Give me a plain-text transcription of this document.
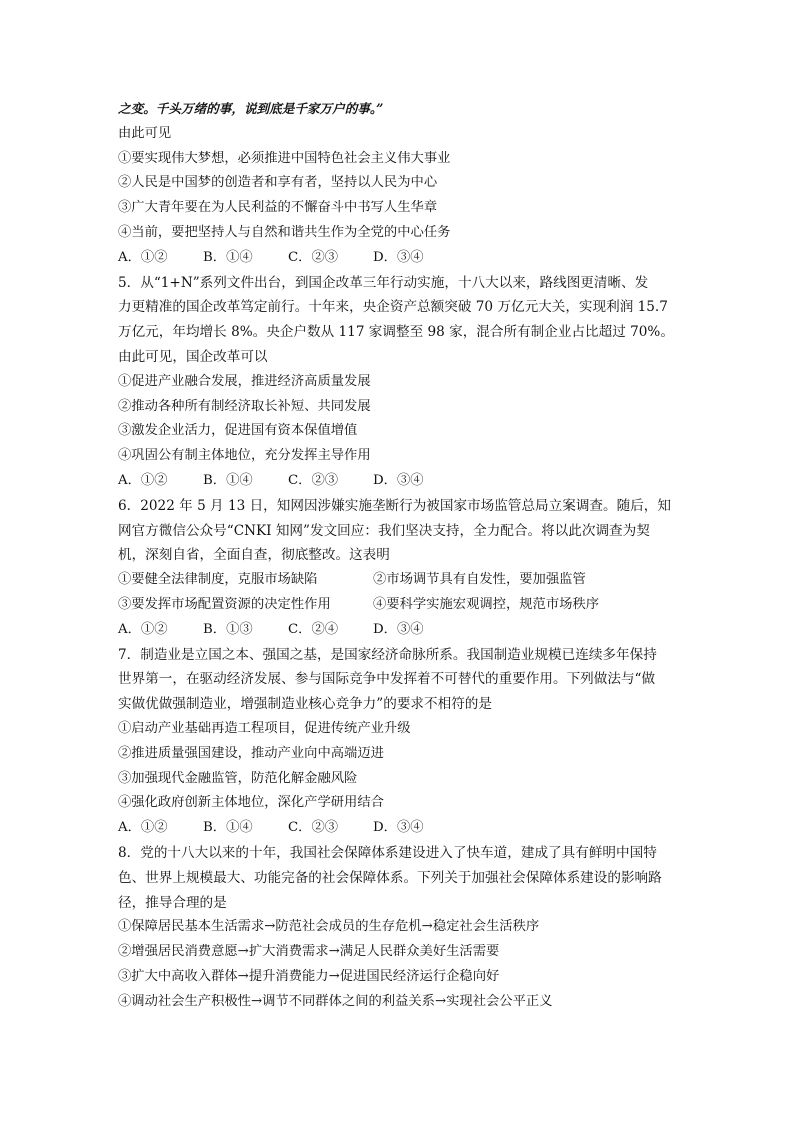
之变。千头万绪的事，说到底是千家万户的事。”
由此可见
①要实现伟大梦想，必须推进中国特色社会主义伟大事业
②人民是中国梦的创造者和享有者，坚持以人民为中心
③广大青年要在为人民利益的不懈奋斗中书写人生华章
④当前，要把坚持人与自然和谐共生作为全党的中心任务
A．①②	B．①④	C．②③	D．③④
5．从“1+N”系列文件出台，到国企改革三年行动实施，十八大以来，路线图更清晰、发
力更精准的国企改革笃定前行。十年来，央企资产总额突破 70 万亿元大关，实现利润 15.7
万亿元，年均增长 8%。央企户数从 117 家调整至 98 家，混合所有制企业占比超过 70%。
由此可见，国企改革可以
①促进产业融合发展，推进经济高质量发展
②推动各种所有制经济取长补短、共同发展
③激发企业活力，促进国有资本保值增值
④巩固公有制主体地位，充分发挥主导作用
A．①②	B．①④	C．②③	D．③④
6．2022 年 5 月 13 日，知网因涉嫌实施垄断行为被国家市场监管总局立案调查。随后，知
网官方微信公众号“CNKI 知网”发文回应：我们坚决支持，全力配合。将以此次调查为契
机，深刻自省，全面自查，彻底整改。这表明
①要健全法律制度，克服市场缺陷	②市场调节具有自发性，要加强监管
③要发挥市场配置资源的决定性作用	④要科学实施宏观调控，规范市场秩序
A．①②	B．①③	C．②④	D．③④
7．制造业是立国之本、强国之基，是国家经济命脉所系。我国制造业规模已连续多年保持
世界第一，在驱动经济发展、参与国际竞争中发挥着不可替代的重要作用。下列做法与“做
实做优做强制造业，增强制造业核心竞争力”的要求不相符的是
①启动产业基础再造工程项目，促进传统产业升级
②推进质量强国建设，推动产业向中高端迈进
③加强现代金融监管，防范化解金融风险
④强化政府创新主体地位，深化产学研用结合
A．①②	B．①④	C．②③	D．③④
8．党的十八大以来的十年，我国社会保障体系建设进入了快车道，建成了具有鲜明中国特
色、世界上规模最大、功能完备的社会保障体系。下列关于加强社会保障体系建设的影响路
径，推导合理的是
①保障居民基本生活需求→防范社会成员的生存危机→稳定社会生活秩序
②增强居民消费意愿→扩大消费需求→满足人民群众美好生活需要
③扩大中高收入群体→提升消费能力→促进国民经济运行企稳向好
④调动社会生产积极性→调节不同群体之间的利益关系→实现社会公平正义
